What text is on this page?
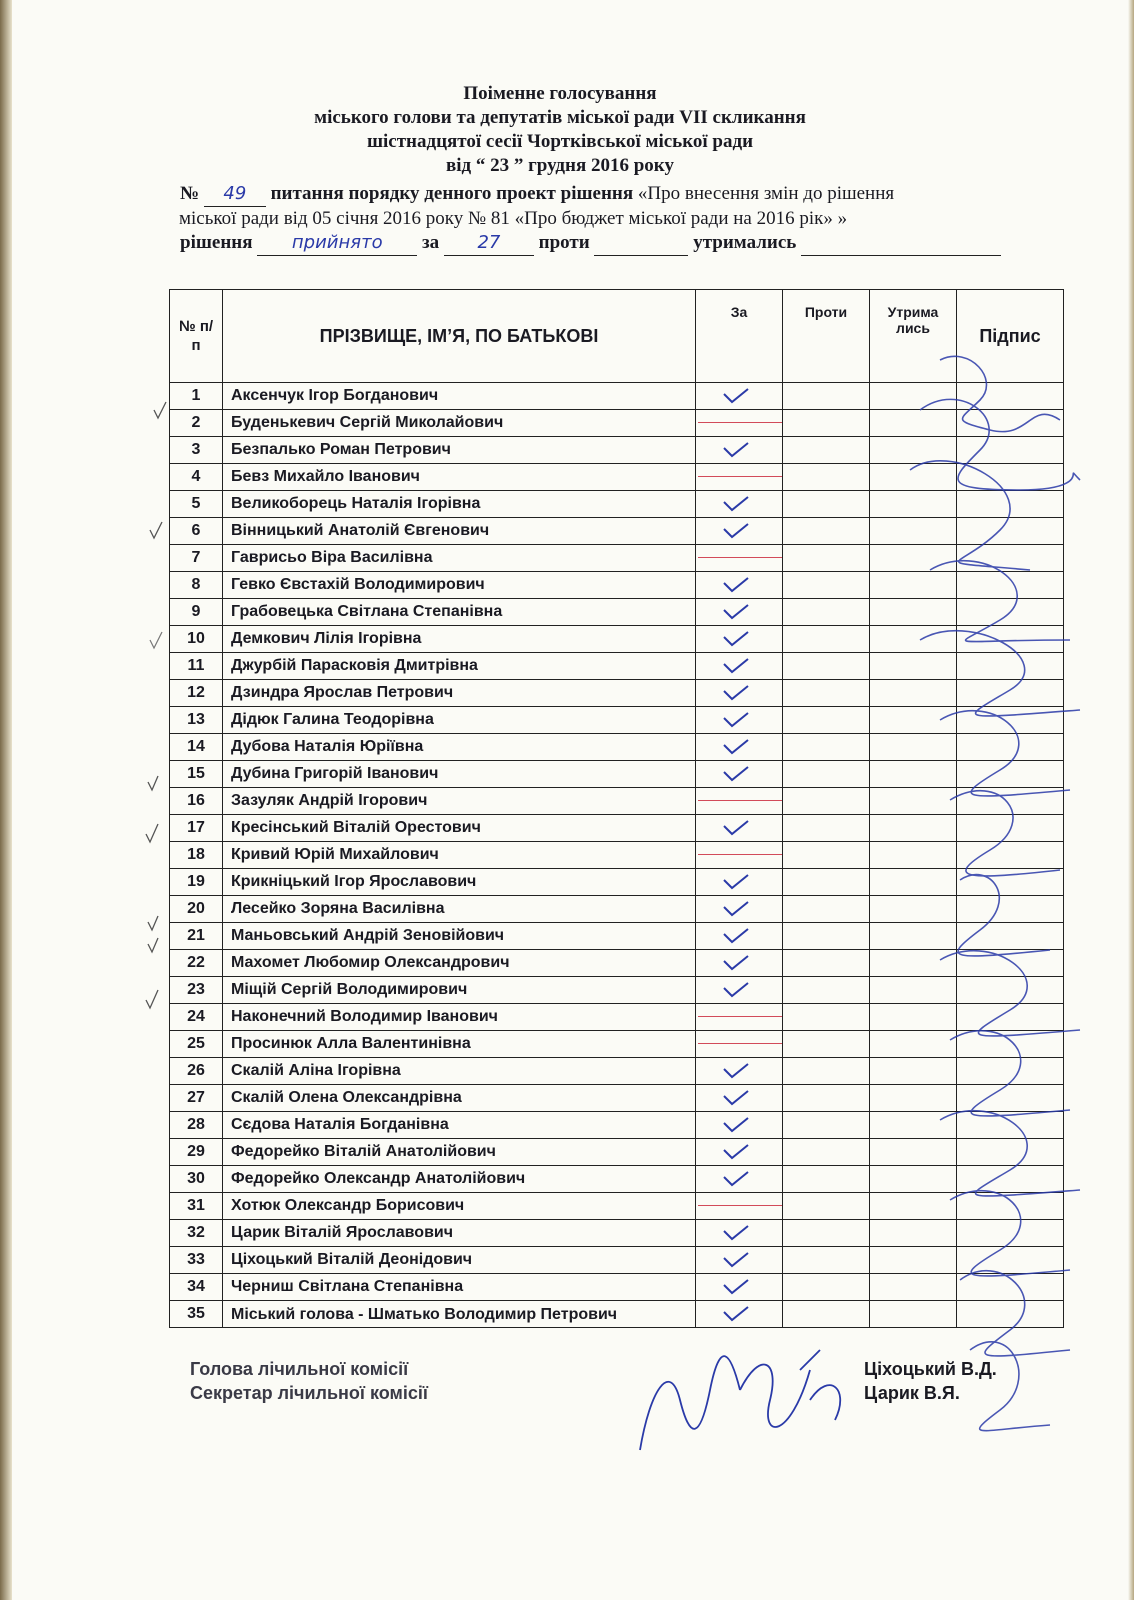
Поіменне голосування
міського голови та депутатів міської ради VII скликання
шістнадцятої сесії Чортківської міської ради
від “ 23 ” грудня 2016 року
№ 49 питання порядку денного проект рішення «Про внесення змін до рішення
міської ради від 05 січня 2016 року № 81 «Про бюджет міської ради на 2016 рік» »
рішення прийнято за 27 проти	утримались
№ п/п	ПРІЗВИЩЕ, ІМ’Я, ПО БАТЬКОВІ	За	Проти	Утрима лись	Підпис
1	Аксенчук Ігор Богданович	

2	Буденькевич Сергій Миколайович	

3	Безпалько Роман Петрович	

4	Бевз Михайло Іванович	

5	Великоборець Наталія Ігорівна	

6	Вінницький Анатолій Євгенович	

7	Гаврисьо Віра Василівна	

8	Гевко Євстахій Володимирович	

9	Грабовецька Світлана Степанівна	

10	Демкович Лілія Ігорівна	

11	Джурбій Парасковія Дмитрівна	

12	Дзиндра Ярослав Петрович	

13	Дідюк Галина Теодорівна	

14	Дубова Наталія Юріївна	

15	Дубина Григорій Іванович	

16	Зазуляк Андрій Ігорович	

17	Кресінський Віталій Орестович	

18	Кривий Юрій Михайлович	

19	Крикніцький Ігор Ярославович	

20	Лесейко Зоряна Василівна	

21	Маньовський Андрій Зеновійович	

22	Махомет Любомир Олександрович	

23	Міщій Сергій Володимирович	

24	Наконечний Володимир Іванович	

25	Просинюк Алла Валентинівна	

26	Скалій Аліна Ігорівна	

27	Скалій Олена Олександрівна	

28	Сєдова Наталія Богданівна	

29	Федорейко Віталій Анатолійович	

30	Федорейко Олександр Анатолійович	

31	Хотюк Олександр Борисович	

32	Царик Віталій Ярославович	

33	Ціхоцький Віталій Деонідович	

34	Черниш Світлана Степанівна	

35	Міський голова - Шматько Володимир Петрович	

Голова лічильної комісії
Секретар лічильної комісії
Ціхоцький В.Д.
Царик В.Я.
